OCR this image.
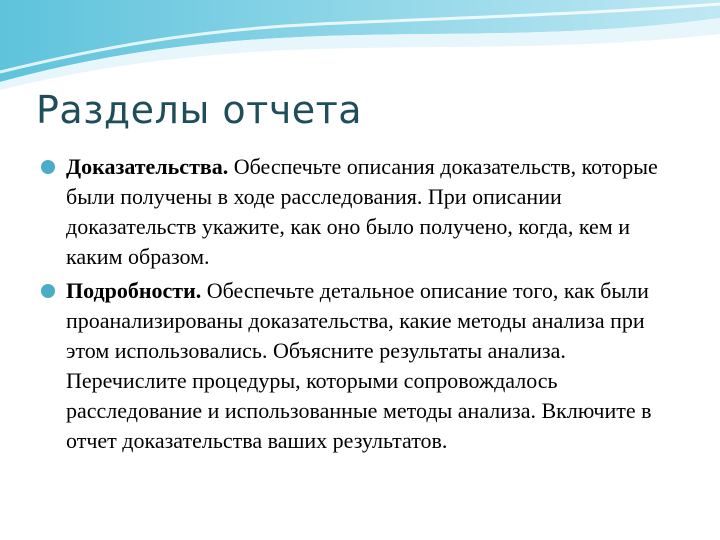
Разделы отчета
Доказательства. Обеспечьте описания доказательств, которые были получены в ходе расследования. При описании доказательств укажите, как оно было получено, когда, кем и каким образом.
Подробности. Обеспечьте детальное описание того, как были проанализированы доказательства, какие методы анализа при этом использовались. Объясните результаты анализа. Перечислите процедуры, которыми сопровождалось расследование и использованные методы анализа. Включите в отчет доказательства ваших результатов.
